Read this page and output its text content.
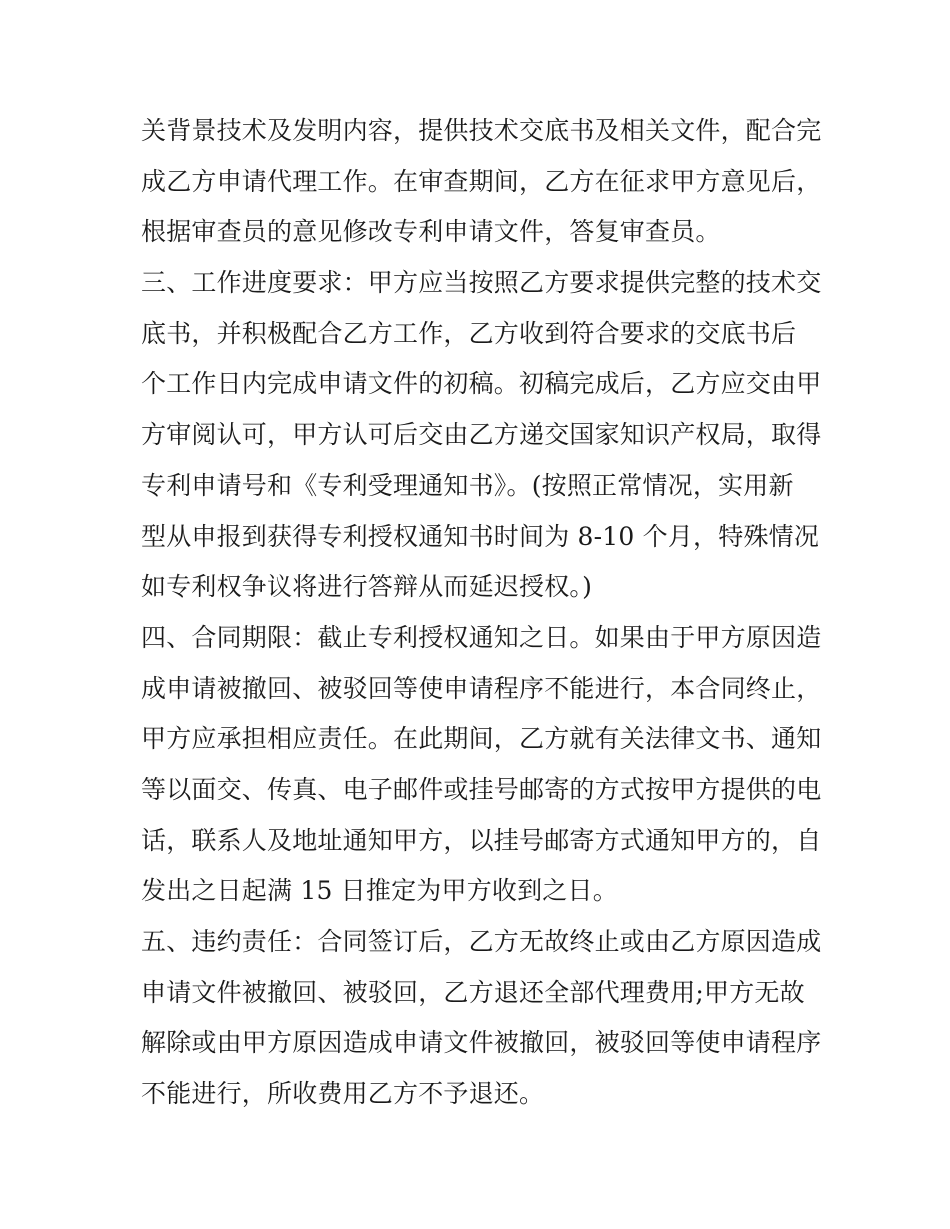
关背景技术及发明内容，提供技术交底书及相关文件，配合完
成乙方申请代理工作。在审查期间，乙方在征求甲方意见后，
根据审查员的意见修改专利申请文件，答复审查员。
三、工作进度要求：甲方应当按照乙方要求提供完整的技术交
底书，并积极配合乙方工作，乙方收到符合要求的交底书后
个工作日内完成申请文件的初稿。初稿完成后，乙方应交由甲
方审阅认可，甲方认可后交由乙方递交国家知识产权局，取得
专利申请号和《专利受理通知书》。(按照正常情况，实用新
型从申报到获得专利授权通知书时间为 8-10 个月，特殊情况
如专利权争议将进行答辩从而延迟授权。)
四、合同期限：截止专利授权通知之日。如果由于甲方原因造
成申请被撤回、被驳回等使申请程序不能进行，本合同终止，
甲方应承担相应责任。在此期间，乙方就有关法律文书、通知
等以面交、传真、电子邮件或挂号邮寄的方式按甲方提供的电
话，联系人及地址通知甲方，以挂号邮寄方式通知甲方的，自
发出之日起满 15 日推定为甲方收到之日。
五、违约责任：合同签订后，乙方无故终止或由乙方原因造成
申请文件被撤回、被驳回，乙方退还全部代理费用;甲方无故
解除或由甲方原因造成申请文件被撤回，被驳回等使申请程序
不能进行，所收费用乙方不予退还。
